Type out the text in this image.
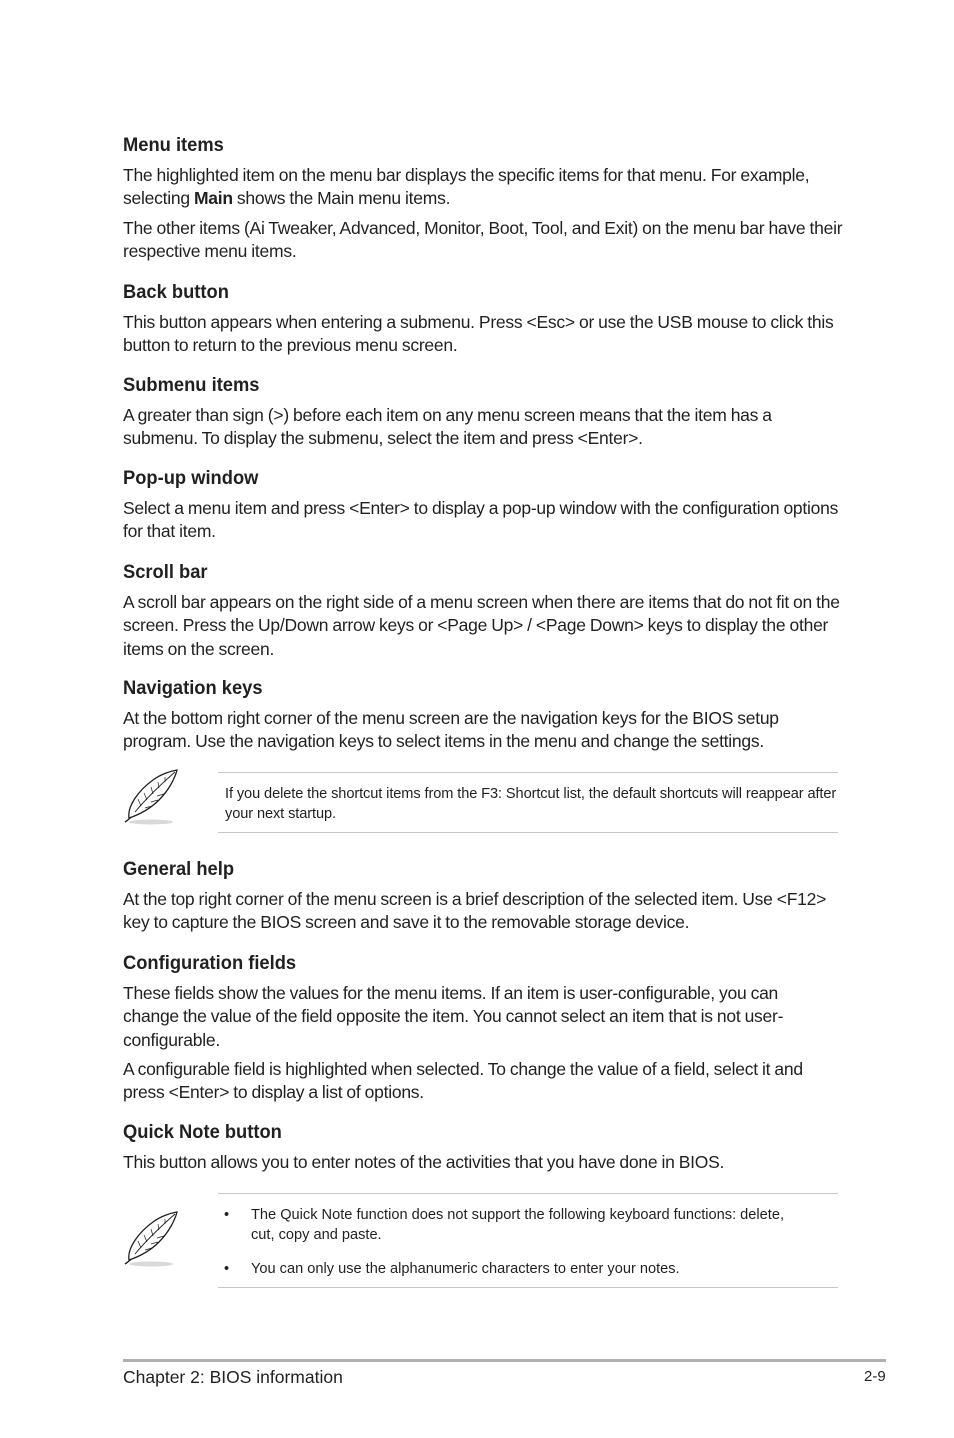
Menu items

The highlighted item on the menu bar displays the specific items for that menu. For example, selecting Main shows the Main menu items.

The other items (Ai Tweaker, Advanced, Monitor, Boot, Tool, and Exit) on the menu bar have their respective menu items.

Back button

This button appears when entering a submenu. Press <Esc> or use the USB mouse to click this button to return to the previous menu screen.

Submenu items

A greater than sign (>) before each item on any menu screen means that the item has a submenu. To display the submenu, select the item and press <Enter>.

Pop-up window

Select a menu item and press <Enter> to display a pop-up window with the configuration options for that item.

Scroll bar

A scroll bar appears on the right side of a menu screen when there are items that do not fit on the screen. Press the Up/Down arrow keys or <Page Up> / <Page Down> keys to display the other items on the screen.

Navigation keys

At the bottom right corner of the menu screen are the navigation keys for the BIOS setup program. Use the navigation keys to select items in the menu and change the settings.

If you delete the shortcut items from the F3: Shortcut list, the default shortcuts will reappear after your next startup.
General help

At the top right corner of the menu screen is a brief description of the selected item. Use <F12> key to capture the BIOS screen and save it to the removable storage device.

Configuration fields

These fields show the values for the menu items. If an item is user-configurable, you can change the value of the field opposite the item. You cannot select an item that is not user-configurable.

A configurable field is highlighted when selected. To change the value of a field, select it and press <Enter> to display a list of options.

Quick Note button

This button allows you to enter notes of the activities that you have done in BIOS.

•	The Quick Note function does not support the following keyboard functions: delete, cut, copy and paste.
•	You can only use the alphanumeric characters to enter your notes.
Chapter 2: BIOS information	2-9
